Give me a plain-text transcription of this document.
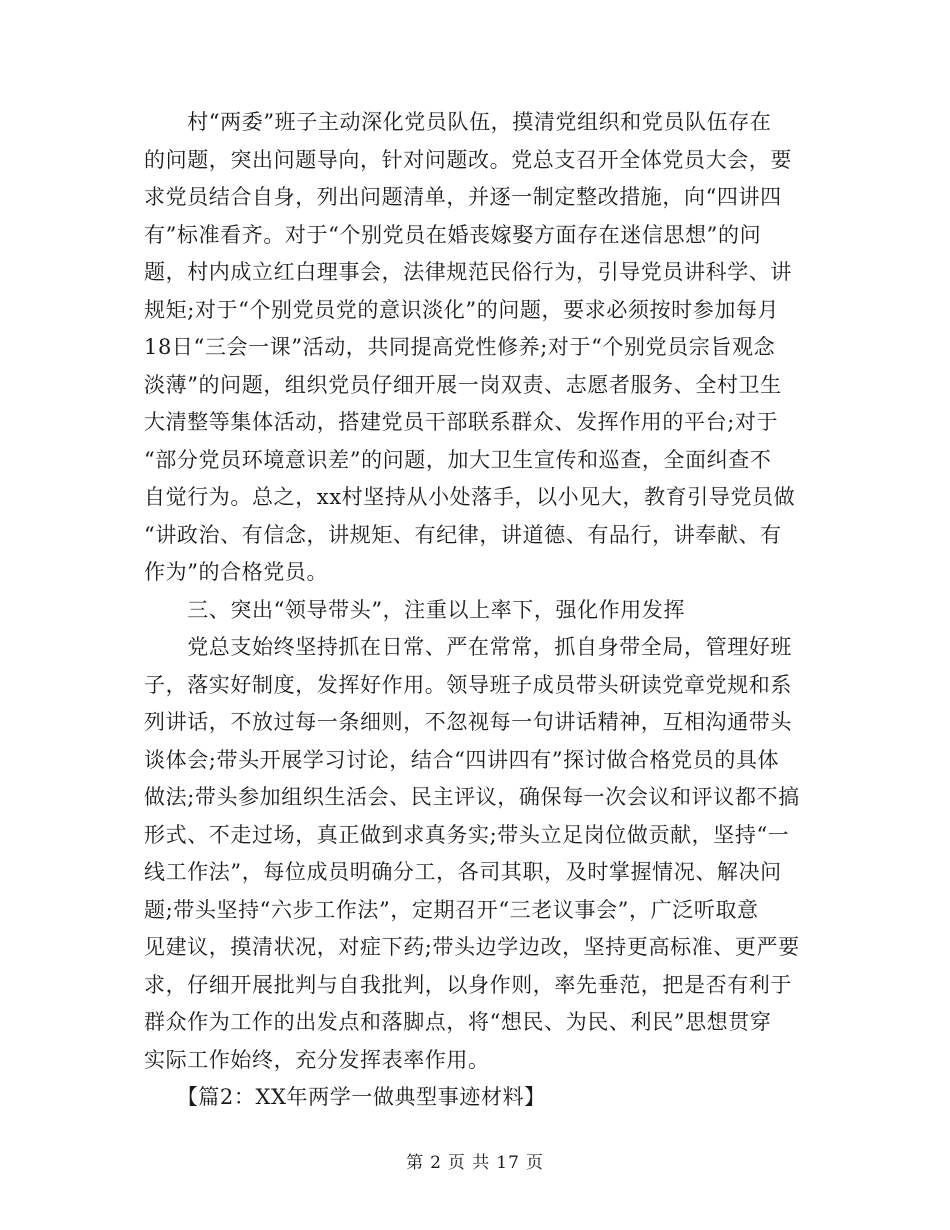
　　村“两委”班子主动深化党员队伍，摸清党组织和党员队伍存在
的问题，突出问题导向，针对问题改。党总支召开全体党员大会，要
求党员结合自身，列出问题清单，并逐一制定整改措施，向“四讲四
有”标准看齐。对于“个别党员在婚丧嫁娶方面存在迷信思想”的问
题，村内成立红白理事会，法律规范民俗行为，引导党员讲科学、讲
规矩;对于“个别党员党的意识淡化”的问题，要求必须按时参加每月
18日“三会一课”活动，共同提高党性修养;对于“个别党员宗旨观念
淡薄”的问题，组织党员仔细开展一岗双责、志愿者服务、全村卫生
大清整等集体活动，搭建党员干部联系群众、发挥作用的平台;对于
“部分党员环境意识差”的问题，加大卫生宣传和巡查，全面纠查不
自觉行为。总之，xx村坚持从小处落手，以小见大，教育引导党员做
“讲政治、有信念，讲规矩、有纪律，讲道德、有品行，讲奉献、有
作为”的合格党员。
　　三、突出“领导带头”，注重以上率下，强化作用发挥
　　党总支始终坚持抓在日常、严在常常，抓自身带全局，管理好班
子，落实好制度，发挥好作用。领导班子成员带头研读党章党规和系
列讲话，不放过每一条细则，不忽视每一句讲话精神，互相沟通带头
谈体会;带头开展学习讨论，结合“四讲四有”探讨做合格党员的具体
做法;带头参加组织生活会、民主评议，确保每一次会议和评议都不搞
形式、不走过场，真正做到求真务实;带头立足岗位做贡献，坚持“一
线工作法”，每位成员明确分工，各司其职，及时掌握情况、解决问
题;带头坚持“六步工作法”，定期召开“三老议事会”，广泛听取意
见建议，摸清状况，对症下药;带头边学边改，坚持更高标准、更严要
求，仔细开展批判与自我批判，以身作则，率先垂范，把是否有利于
群众作为工作的出发点和落脚点，将“想民、为民、利民”思想贯穿
实际工作始终，充分发挥表率作用。
　　【篇2：XX年两学一做典型事迹材料】
第 2 页 共 17 页
